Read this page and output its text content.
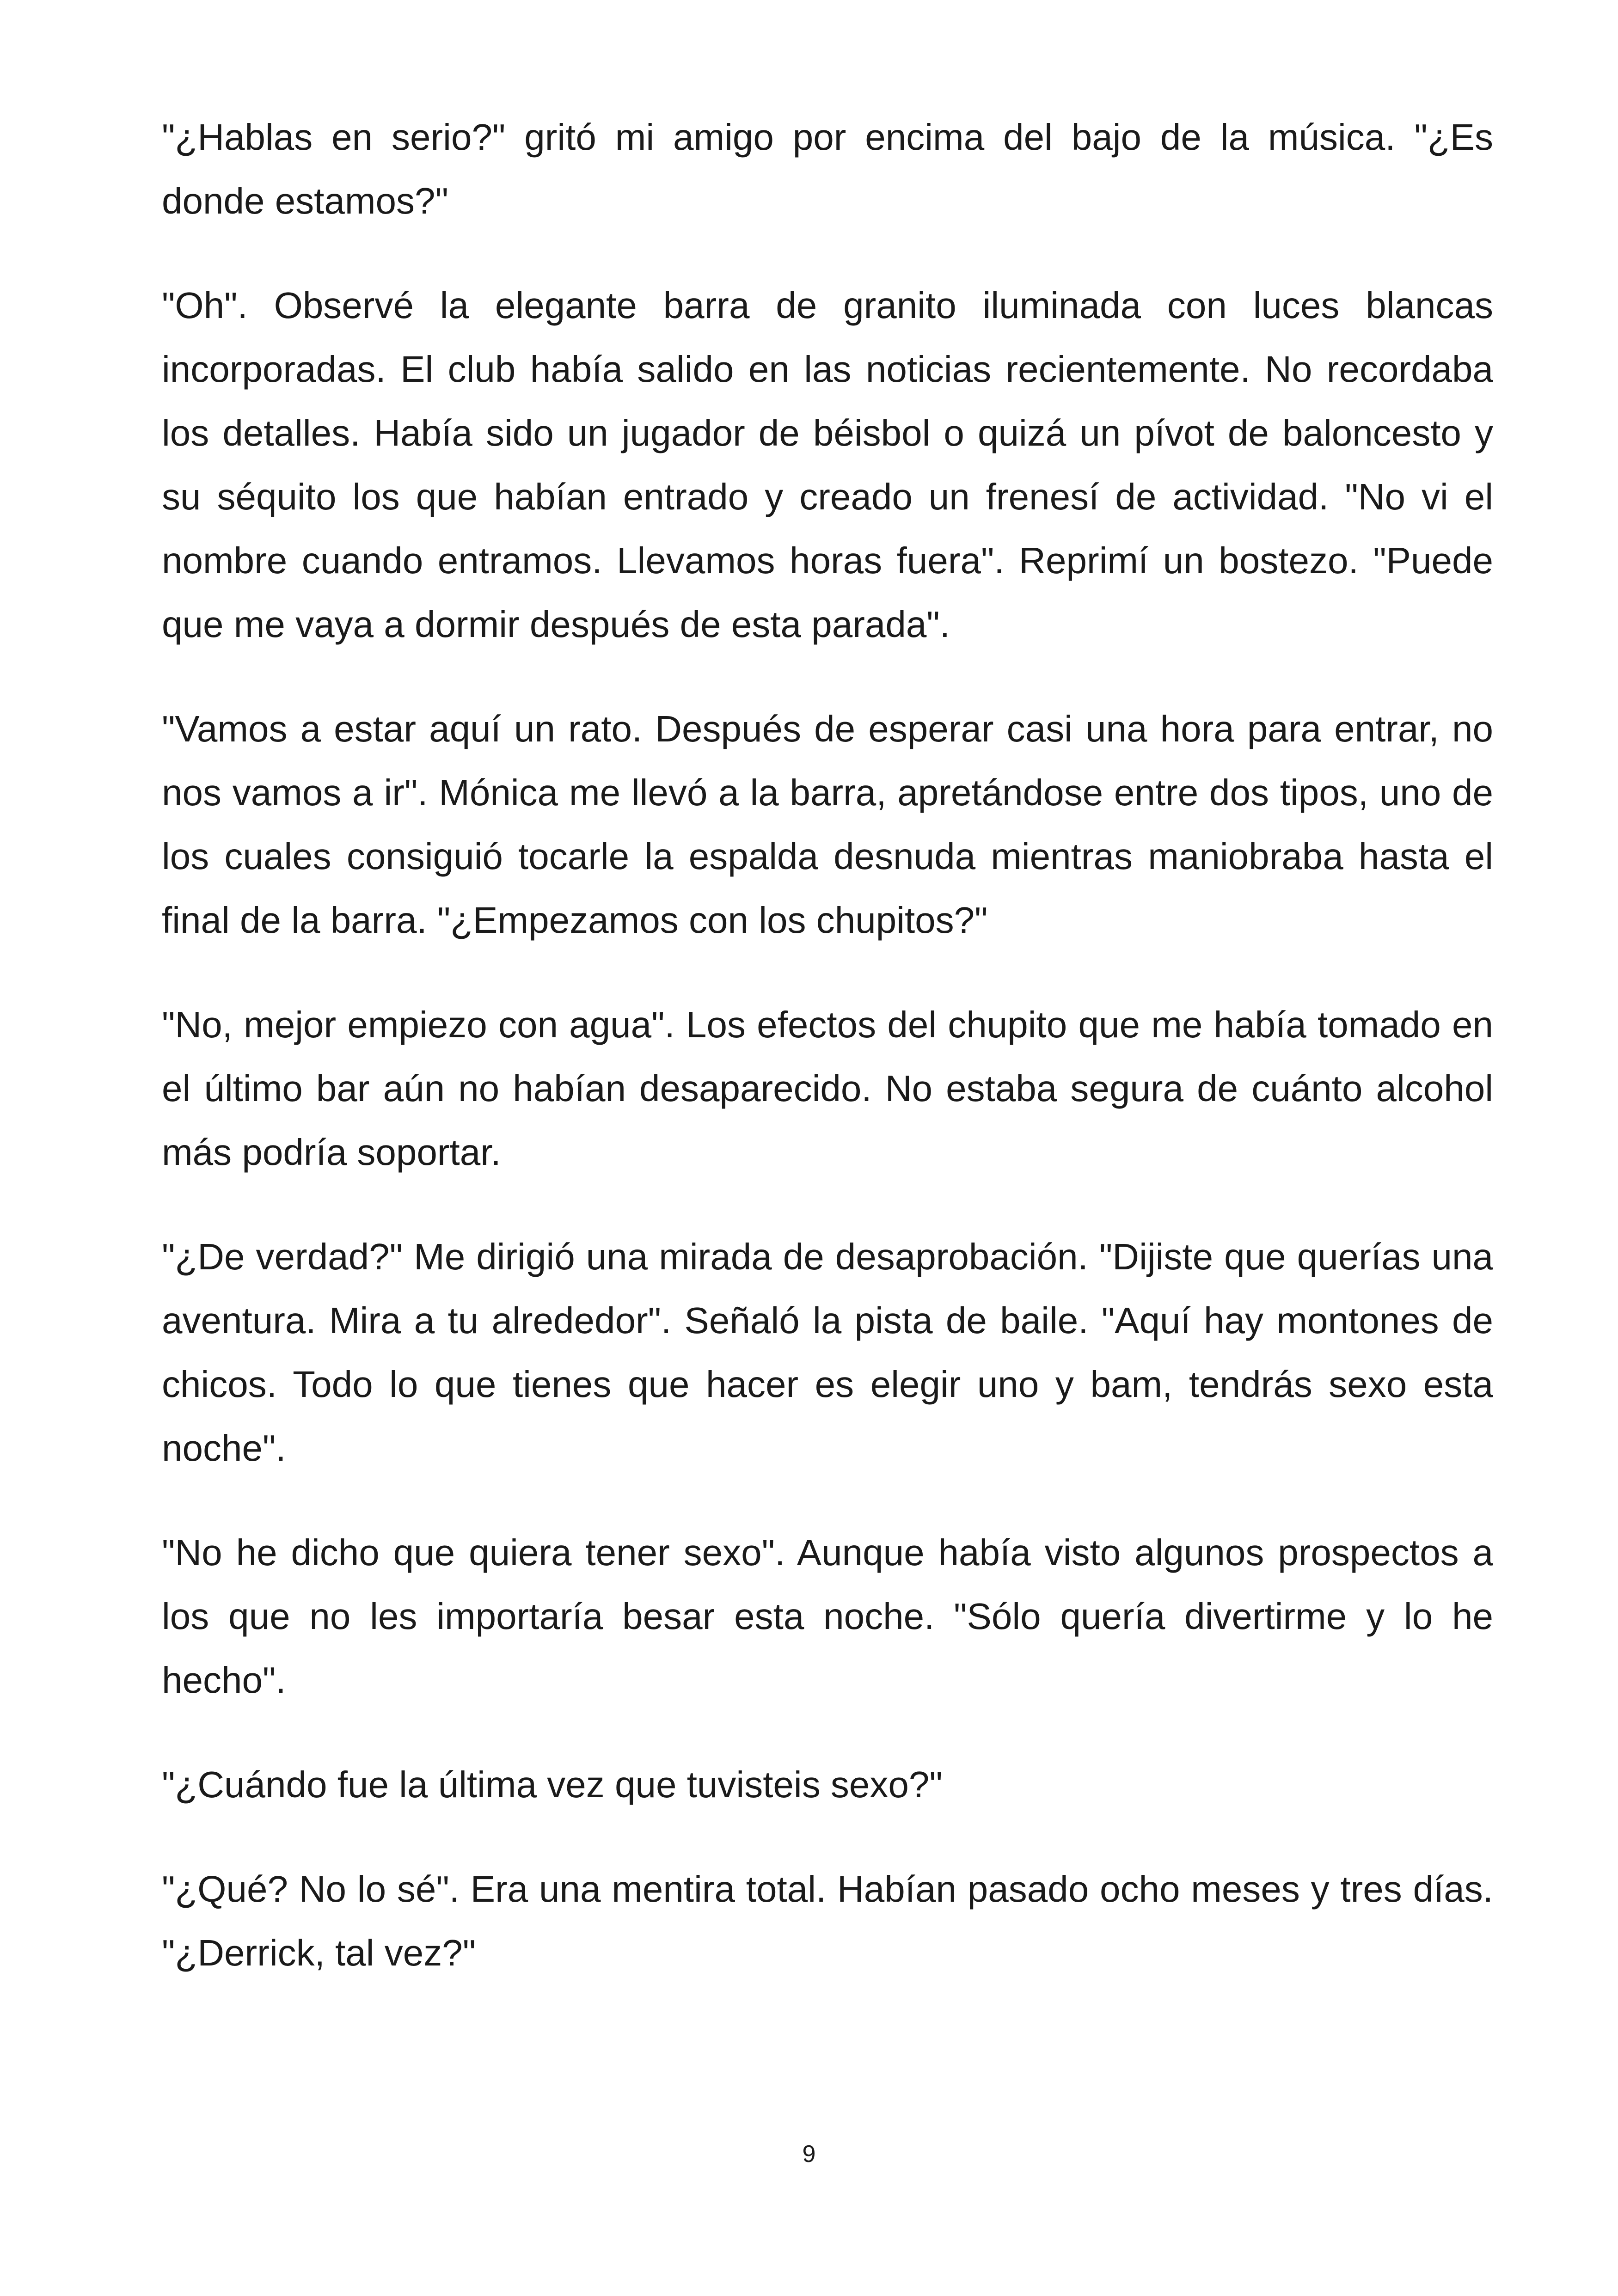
"¿Hablas en serio?" gritó mi amigo por encima del bajo de la música. "¿Es donde estamos?"

"Oh". Observé la elegante barra de granito iluminada con luces blancas incorporadas. El club había salido en las noticias recientemente. No recordaba los detalles. Había sido un jugador de béisbol o quizá un pívot de baloncesto y su séquito los que habían entrado y creado un frenesí de actividad. "No vi el nombre cuando entramos. Llevamos horas fuera". Reprimí un bostezo. "Puede que me vaya a dormir después de esta parada".

"Vamos a estar aquí un rato. Después de esperar casi una hora para entrar, no nos vamos a ir". Mónica me llevó a la barra, apretándose entre dos tipos, uno de los cuales consiguió tocarle la espalda desnuda mientras maniobraba hasta el final de la barra. "¿Empezamos con los chupitos?"

"No, mejor empiezo con agua". Los efectos del chupito que me había tomado en el último bar aún no habían desaparecido. No estaba segura de cuánto alcohol más podría soportar.

"¿De verdad?" Me dirigió una mirada de desaprobación. "Dijiste que querías una aventura. Mira a tu alrededor". Señaló la pista de baile. "Aquí hay montones de chicos. Todo lo que tienes que hacer es elegir uno y bam, tendrás sexo esta noche".

"No he dicho que quiera tener sexo". Aunque había visto algunos prospectos a los que no les importaría besar esta noche. "Sólo quería divertirme y lo he hecho".

"¿Cuándo fue la última vez que tuvisteis sexo?"

"¿Qué? No lo sé". Era una mentira total. Habían pasado ocho meses y tres días. "¿Derrick, tal vez?"

9
